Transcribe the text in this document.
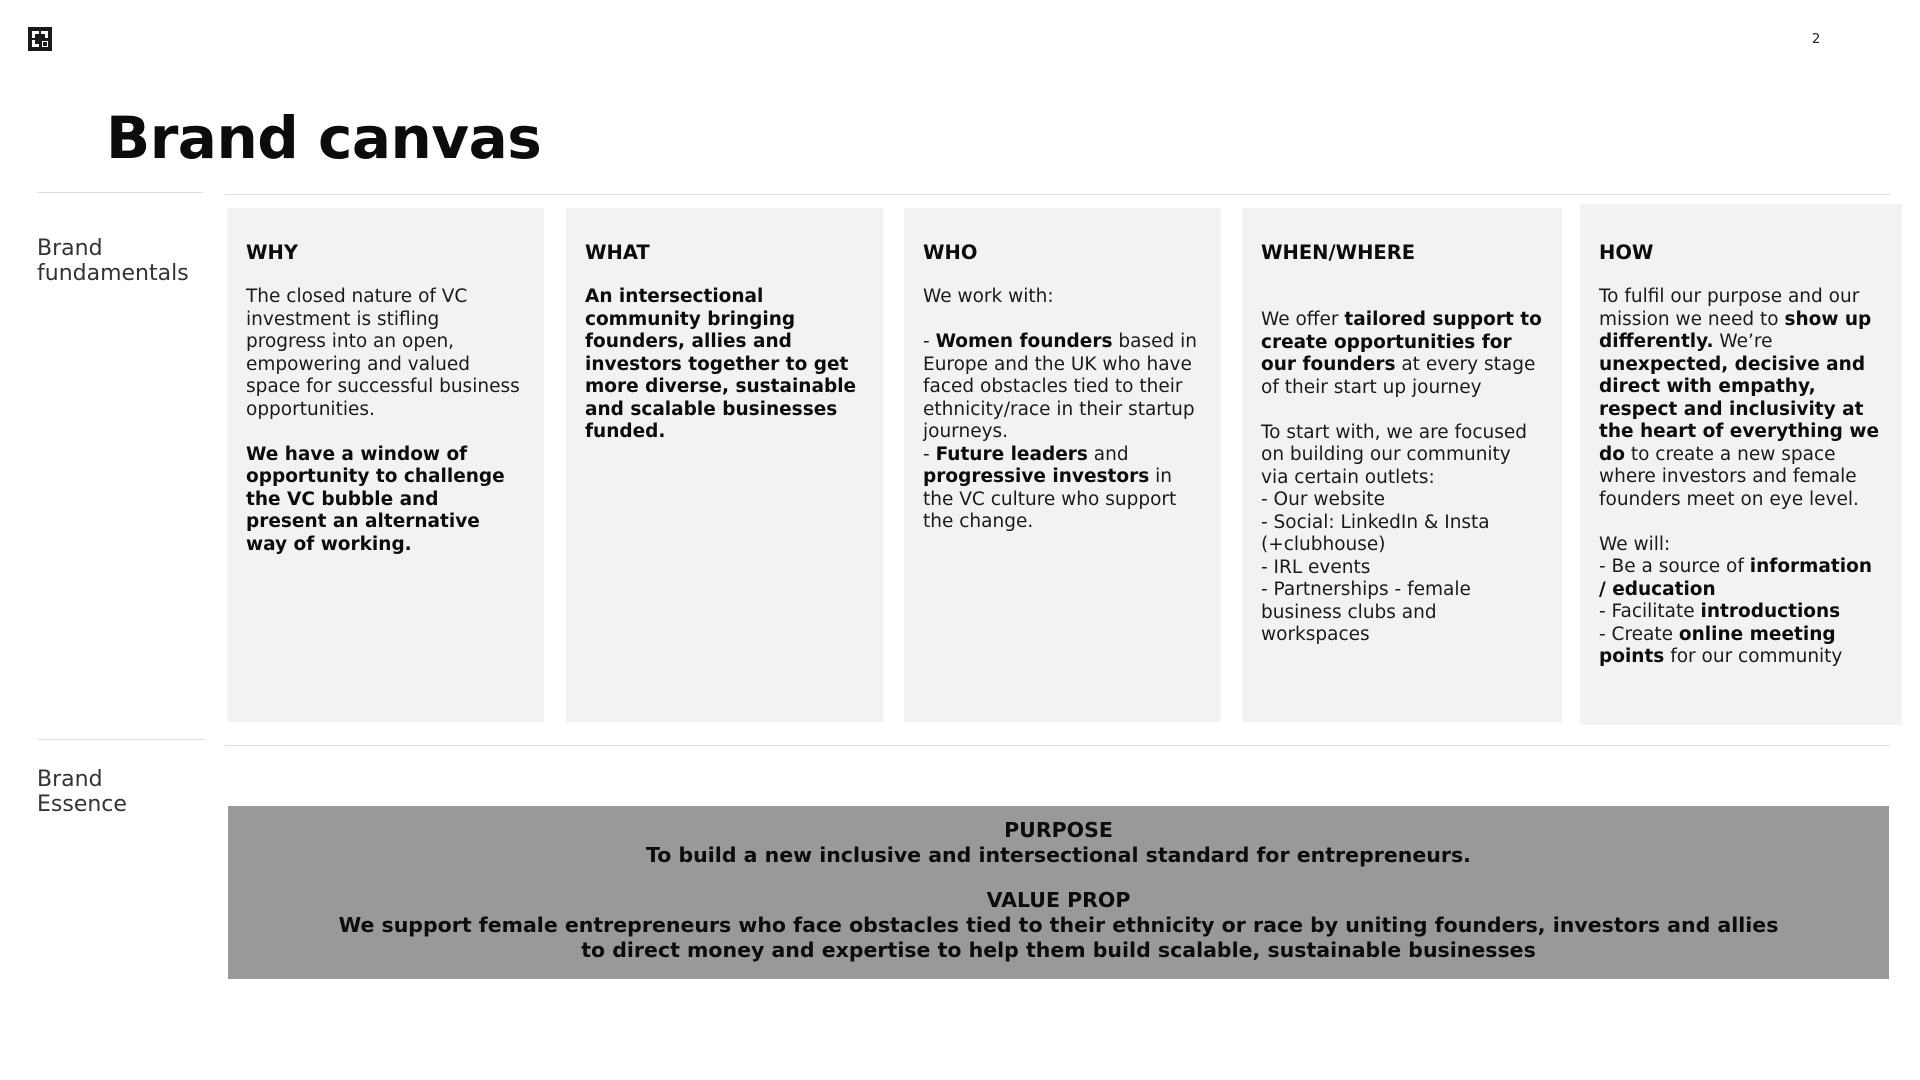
2
Brand canvas
Brand fundamentals
Brand Essence
WHY

The closed nature of VC investment is stifling progress into an open, empowering and valued space for successful business opportunities.

We have a window of opportunity to challenge the VC bubble and present an alternative way of working.

WHAT

An intersectional community bringing founders, allies and investors together to get more diverse, sustainable and scalable businesses funded.

WHO

We work with:

- Women founders based in Europe and the UK who have faced obstacles tied to their ethnicity/race in their startup journeys.

- Future leaders and progressive investors in the VC culture who support the change.

WHEN/WHERE

We offer tailored support to create opportunities for our founders at every stage of their start up journey

To start with, we are focused on building our community via certain outlets:

- Our website

- Social: LinkedIn & Insta (+clubhouse)

- IRL events

- Partnerships - female business clubs and workspaces

HOW

To fulfil our purpose and our mission we need to show up differently. We’re unexpected, decisive and direct with empathy, respect and inclusivity at the heart of everything we do to create a new space where investors and female founders meet on eye level.

We will:

- Be a source of information / education

- Facilitate introductions

- Create online meeting points for our community

PURPOSE
To build a new inclusive and intersectional standard for entrepreneurs.
VALUE PROP
We support female entrepreneurs who face obstacles tied to their ethnicity or race by uniting founders, investors and allies
to direct money and expertise to help them build scalable, sustainable businesses
